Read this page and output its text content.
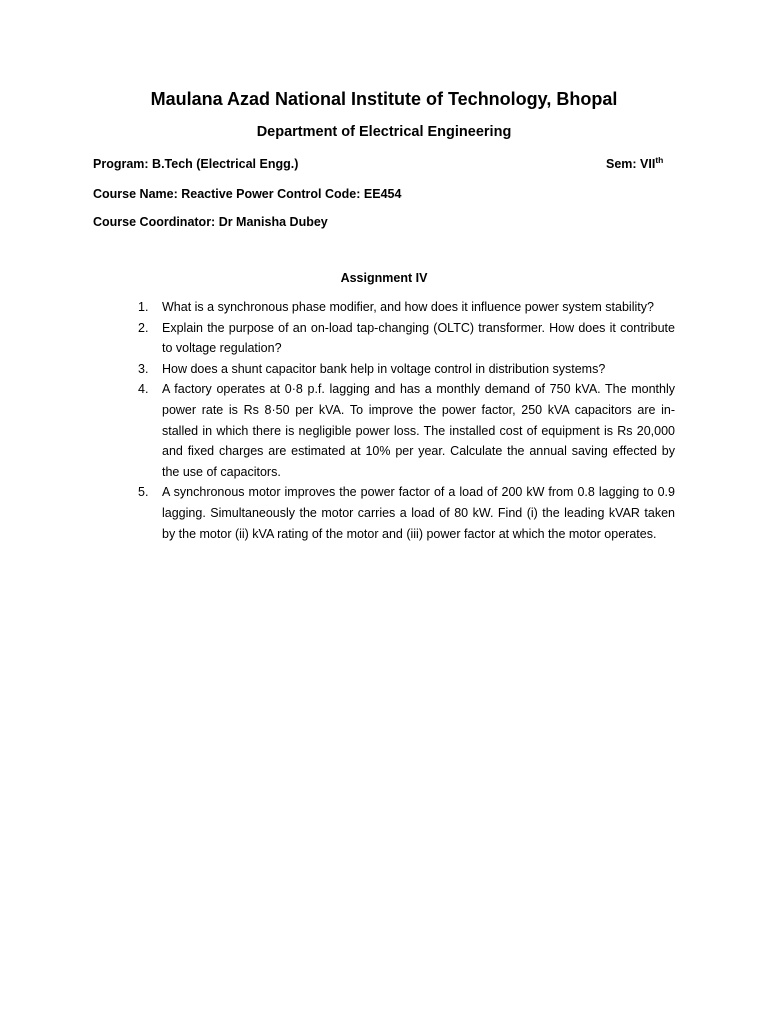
Maulana Azad National Institute of Technology, Bhopal
Department of Electrical Engineering
Program: B.Tech (Electrical Engg.)	Sem: VIIth
Course Name: Reactive Power Control Code: EE454
Course Coordinator: Dr Manisha Dubey
Assignment IV
1. What is a synchronous phase modifier, and how does it influence power system stability?
2. Explain the purpose of an on-load tap-changing (OLTC) transformer. How does it contribute to voltage regulation?
3. How does a shunt capacitor bank help in voltage control in distribution systems?
4. A factory operates at 0·8 p.f. lagging and has a monthly demand of 750 kVA. The monthly power rate is Rs 8·50 per kVA. To improve the power factor, 250 kVA capacitors are in- stalled in which there is negligible power loss. The installed cost of equipment is Rs 20,000 and fixed charges are estimated at 10% per year. Calculate the annual saving effected by the use of capacitors.
5. A synchronous motor improves the power factor of a load of 200 kW from 0.8 lagging to 0.9 lagging. Simultaneously the motor carries a load of 80 kW. Find (i) the leading kVAR taken by the motor (ii) kVA rating of the motor and (iii) power factor at which the motor operates.
